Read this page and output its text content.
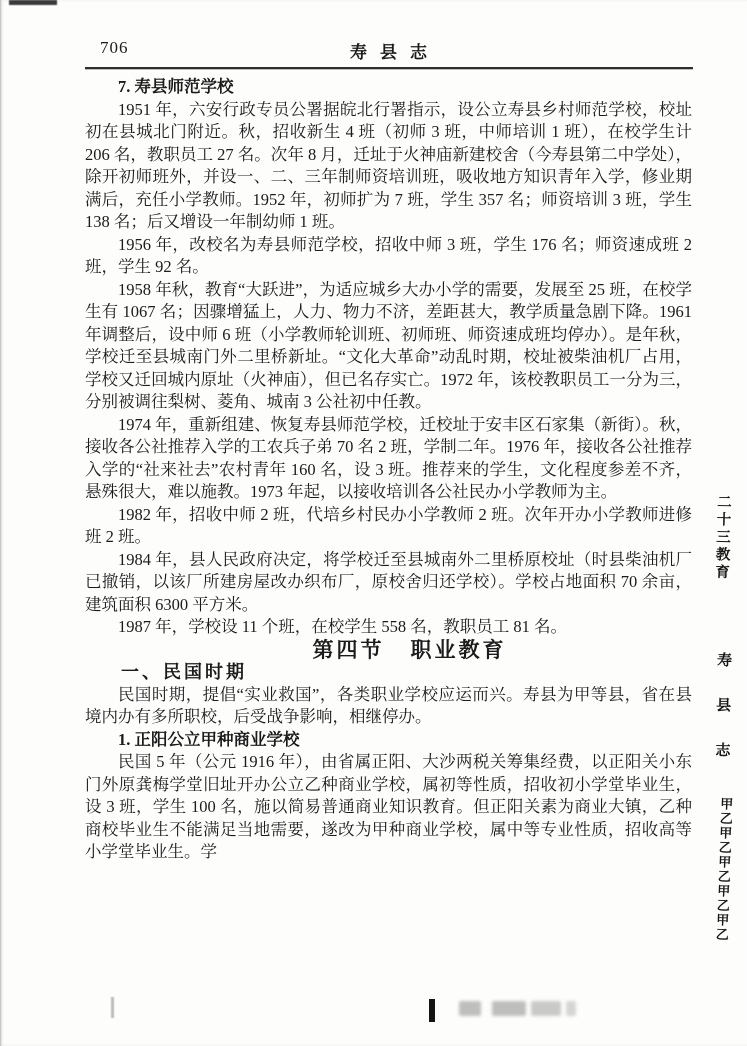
706	寿县志

7. 寿县师范学校

1951 年，六安行政专员公署据皖北行署指示，设公立寿县乡村师范学校，校址初在县城北门附近。秋，招收新生 4 班（初师 3 班，中师培训 1 班），在校学生计 206 名，教职员工 27 名。次年 8 月，迁址于火神庙新建校舍（今寿县第二中学处），除开初师班外，并设一、二、三年制师资培训班，吸收地方知识青年入学，修业期满后，充任小学教师。1952 年，初师扩为 7 班，学生 357 名；师资培训 3 班，学生 138 名；后又增设一年制幼师 1 班。

1956 年，改校名为寿县师范学校，招收中师 3 班，学生 176 名；师资速成班 2 班，学生 92 名。

1958 年秋，教育“大跃进”，为适应城乡大办小学的需要，发展至 25 班，在校学生有 1067 名；因骤增猛上，人力、物力不济，差距甚大，教学质量急剧下降。1961 年调整后，设中师 6 班（小学教师轮训班、初师班、师资速成班均停办）。是年秋，学校迁至县城南门外二里桥新址。“文化大革命”动乱时期，校址被柴油机厂占用，学校又迁回城内原址（火神庙），但已名存实亡。1972 年，该校教职员工一分为三，分别被调往梨树、菱角、城南 3 公社初中任教。

1974 年，重新组建、恢复寿县师范学校，迁校址于安丰区石家集（新街）。秋，接收各公社推荐入学的工农兵子弟 70 名 2 班，学制二年。1976 年，接收各公社推荐入学的“社来社去”农村青年 160 名，设 3 班。推荐来的学生，文化程度参差不齐，悬殊很大，难以施教。1973 年起，以接收培训各公社民办小学教师为主。

1982 年，招收中师 2 班，代培乡村民办小学教师 2 班。次年开办小学教师进修班 2 班。

1984 年，县人民政府决定，将学校迁至县城南外二里桥原校址（时县柴油机厂已撤销，以该厂所建房屋改办织布厂，原校舍归还学校）。学校占地面积 70 余亩，建筑面积 6300 平方米。

1987 年，学校设 11 个班，在校学生 558 名，教职员工 81 名。

第四节 职业教育

一、民国时期

民国时期，提倡“实业救国”，各类职业学校应运而兴。寿县为甲等县，省在县境内办有多所职校，后受战争影响，相继停办。

1. 正阳公立甲种商业学校

民国 5 年（公元 1916 年），由省属正阳、大沙两税关筹集经费，以正阳关小东门外原龚梅学堂旧址开办公立乙种商业学校，属初等性质，招收初小学堂毕业生，设 3 班，学生 100 名，施以简易普通商业知识教育。但正阳关素为商业大镇，乙种商校毕业生不能满足当地需要，遂改为甲种商业学校，属中等专业性质，招收高等小学堂毕业生。学

二十三教育
寿县志
甲乙甲乙甲乙甲乙甲乙
